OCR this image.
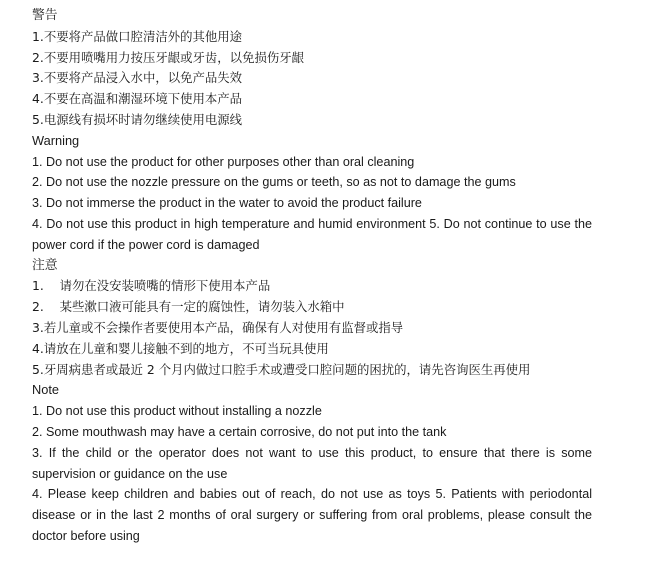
警告
1.不要将产品做口腔清洁外的其他用途
2.不要用喷嘴用力按压牙龈或牙齿，以免损伤牙龈
3.不要将产品浸入水中，以免产品失效
4.不要在高温和潮湿环境下使用本产品
5.电源线有损坏时请勿继续使用电源线
Warning
1. Do not use the product for other purposes other than oral cleaning
2. Do not use the nozzle pressure on the gums or teeth, so as not to damage the gums
3. Do not immerse the product in the water to avoid the product failure
4. Do not use this product in high temperature and humid environment 5. Do not continue to use the power cord if the power cord is damaged
注意
1.    请勿在没安装喷嘴的情形下使用本产品
2.    某些漱口液可能具有一定的腐蚀性，请勿装入水箱中
3.若儿童或不会操作者要使用本产品，确保有人对使用有监督或指导
4.请放在儿童和婴儿接触不到的地方，不可当玩具使用
5.牙周病患者或最近 2 个月内做过口腔手术或遭受口腔问题的困扰的，请先咨询医生再使用
Note
1. Do not use this product without installing a nozzle
2. Some mouthwash may have a certain corrosive, do not put into the tank
3. If the child or the operator does not want to use this product, to ensure that there is some supervision or guidance on the use
4. Please keep children and babies out of reach, do not use as toys 5. Patients with periodontal disease or in the last 2 months of oral surgery or suffering from oral problems, please consult the doctor before using
